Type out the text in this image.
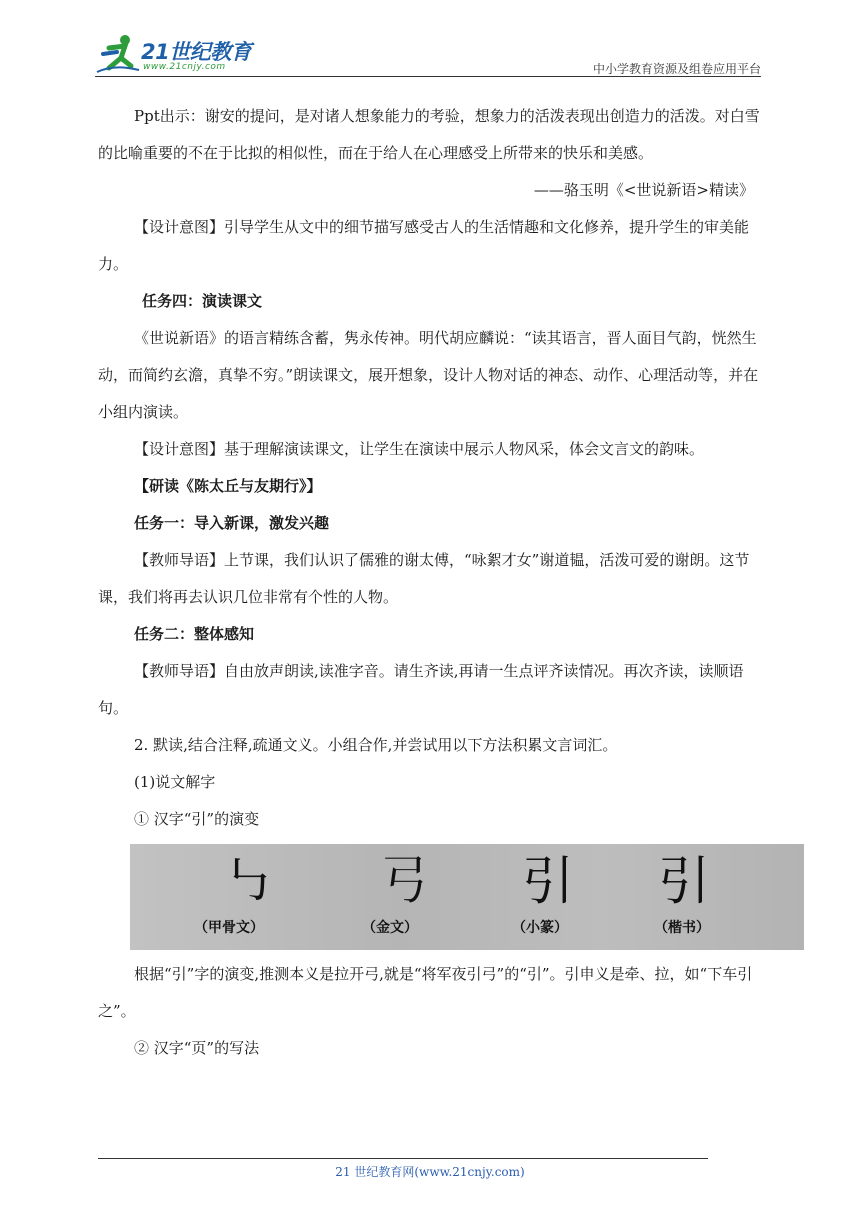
21世纪教育
www.21cnjy.com	中小学教育资源及组卷应用平台

Ppt出示：谢安的提问，是对诸人想象能力的考验，想象力的活泼表现出创造力的活泼。对白雪的比喻重要的不在于比拟的相似性，而在于给人在心理感受上所带来的快乐和美感。

——骆玉明《<世说新语>精读》

【设计意图】引导学生从文中的细节描写感受古人的生活情趣和文化修养，提升学生的审美能力。

任务四：演读课文

《世说新语》的语言精练含蓄，隽永传神。明代胡应麟说：“读其语言，晋人面目气韵，恍然生动，而简约玄澹，真挚不穷。”朗读课文，展开想象，设计人物对话的神态、动作、心理活动等，并在小组内演读。

【设计意图】基于理解演读课文，让学生在演读中展示人物风采，体会文言文的韵味。

【研读《陈太丘与友期行》】

任务一：导入新课，激发兴趣

【教师导语】上节课，我们认识了儒雅的谢太傅，“咏絮才女”谢道韫，活泼可爱的谢朗。这节课，我们将再去认识几位非常有个性的人物。

任务二：整体感知

【教师导语】自由放声朗读,读准字音。请生齐读,再请一生点评齐读情况。再次齐读，读顺语句。

2. 默读,结合注释,疏通文义。小组合作,并尝试用以下方法积累文言词汇。

(1)说文解字

① 汉字“引”的演变

㇉ 𢎗 引 引
（甲骨文）	（金文）	（小篆）	（楷书）

根据“引”字的演变,推测本义是拉开弓,就是“将军夜引弓”的“引”。引申义是牵、拉，如“下车引之”。

② 汉字“页”的写法

21 世纪教育网(www.21cnjy.com)
